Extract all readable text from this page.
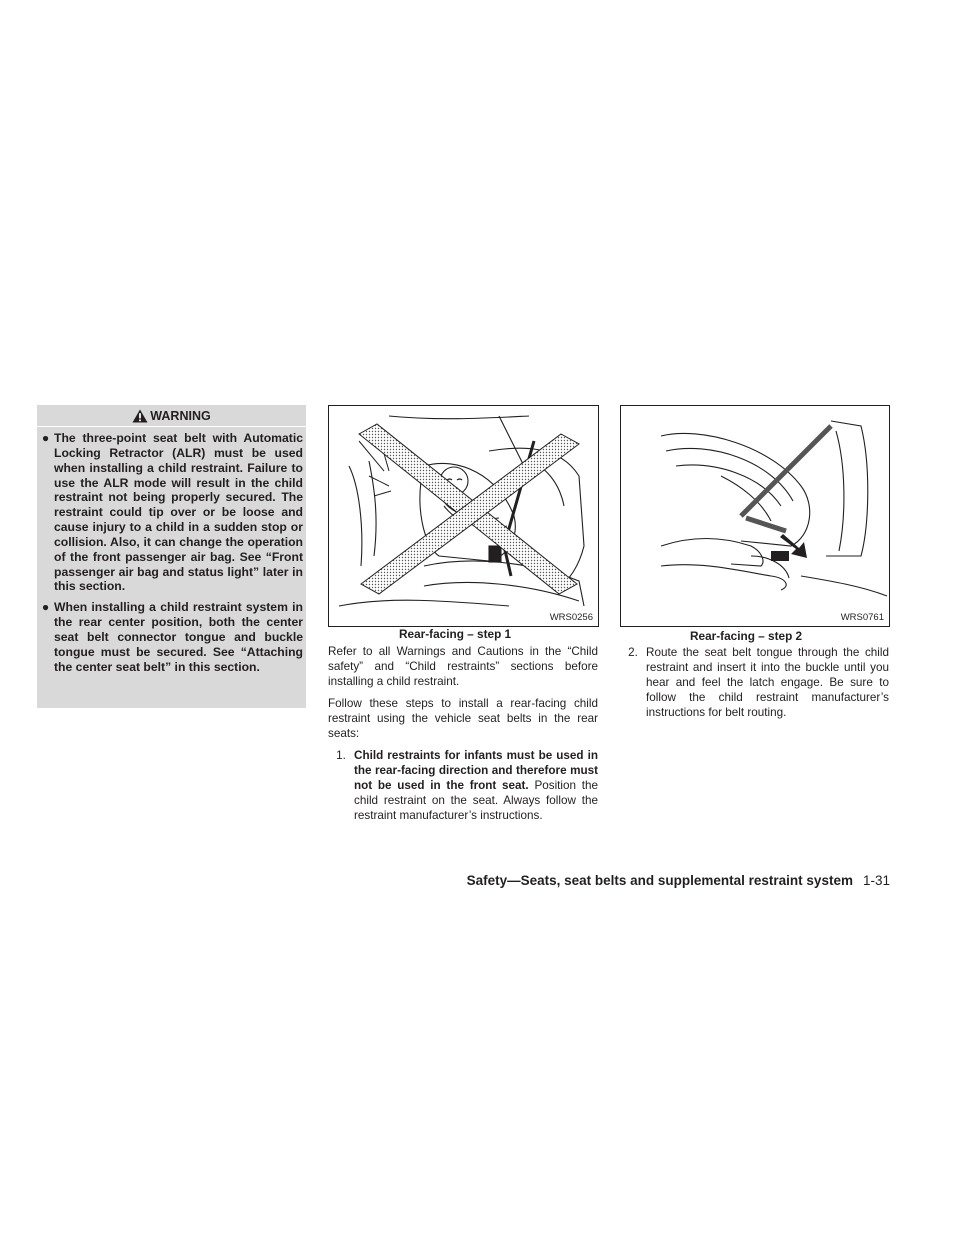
WARNING
● The three-point seat belt with Automatic Locking Retractor (ALR) must be used when installing a child restraint. Failure to use the ALR mode will result in the child restraint not being properly secured. The restraint could tip over or be loose and cause injury to a child in a sudden stop or collision. Also, it can change the operation of the front passenger air bag. See “Front passenger air bag and status light” later in this section.
● When installing a child restraint system in the rear center position, both the center seat belt connector tongue and buckle tongue must be secured. See “Attaching the center seat belt” in this section.
WRS0256
Rear-facing – step 1
WRS0761
Rear-facing – step 2

Refer to all Warnings and Cautions in the “Child safety” and “Child restraints” sections before installing a child restraint.

Follow these steps to install a rear-facing child restraint using the vehicle seat belts in the rear seats:

1. Child restraints for infants must be used in the rear-facing direction and therefore must not be used in the front seat. Position the child restraint on the seat. Always follow the restraint manufacturer’s instructions.
2. Route the seat belt tongue through the child restraint and insert it into the buckle until you hear and feel the latch engage. Be sure to follow the child restraint manufacturer’s instructions for belt routing.
Safety—Seats, seat belts and supplemental restraint system 1-31
